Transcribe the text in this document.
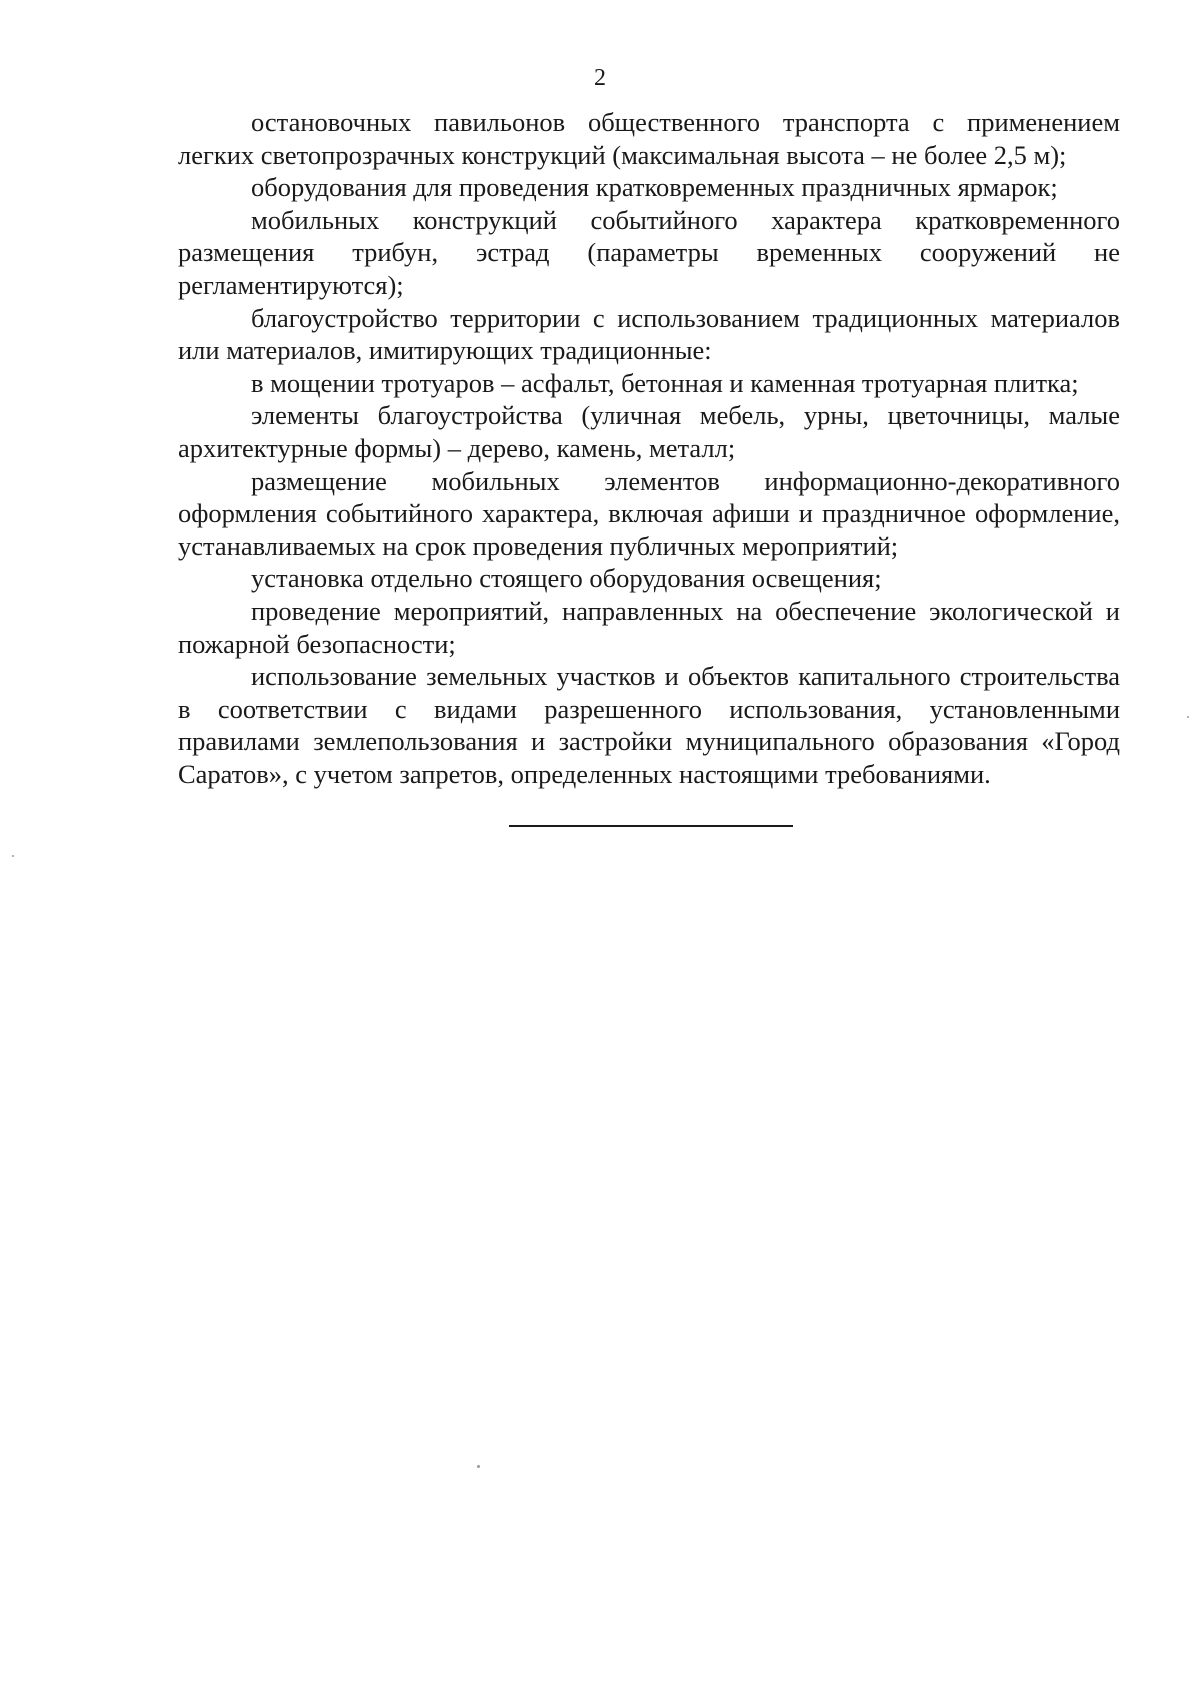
2

остановочных павильонов общественного транспорта с применением легких светопрозрачных конструкций (максимальная высота – не более 2,5 м);

оборудования для проведения кратковременных праздничных ярмарок;

мобильных конструкций событийного характера кратковременного размещения трибун, эстрад (параметры временных сооружений не регламентируются);

благоустройство территории с использованием традиционных материалов или материалов, имитирующих традиционные:

в мощении тротуаров – асфальт, бетонная и каменная тротуарная плитка;

элементы благоустройства (уличная мебель, урны, цветочницы, малые архитектурные формы) – дерево, камень, металл;

размещение мобильных элементов информационно-декоративного оформления событийного характера, включая афиши и праздничное оформление, устанавливаемых на срок проведения публичных мероприятий;

установка отдельно стоящего оборудования освещения;

проведение мероприятий, направленных на обеспечение экологической и пожарной безопасности;

использование земельных участков и объектов капитального строительства в соответствии с видами разрешенного использования, установленными правилами землепользования и застройки муниципального образования «Город Саратов», с учетом запретов, определенных настоящими требованиями.
